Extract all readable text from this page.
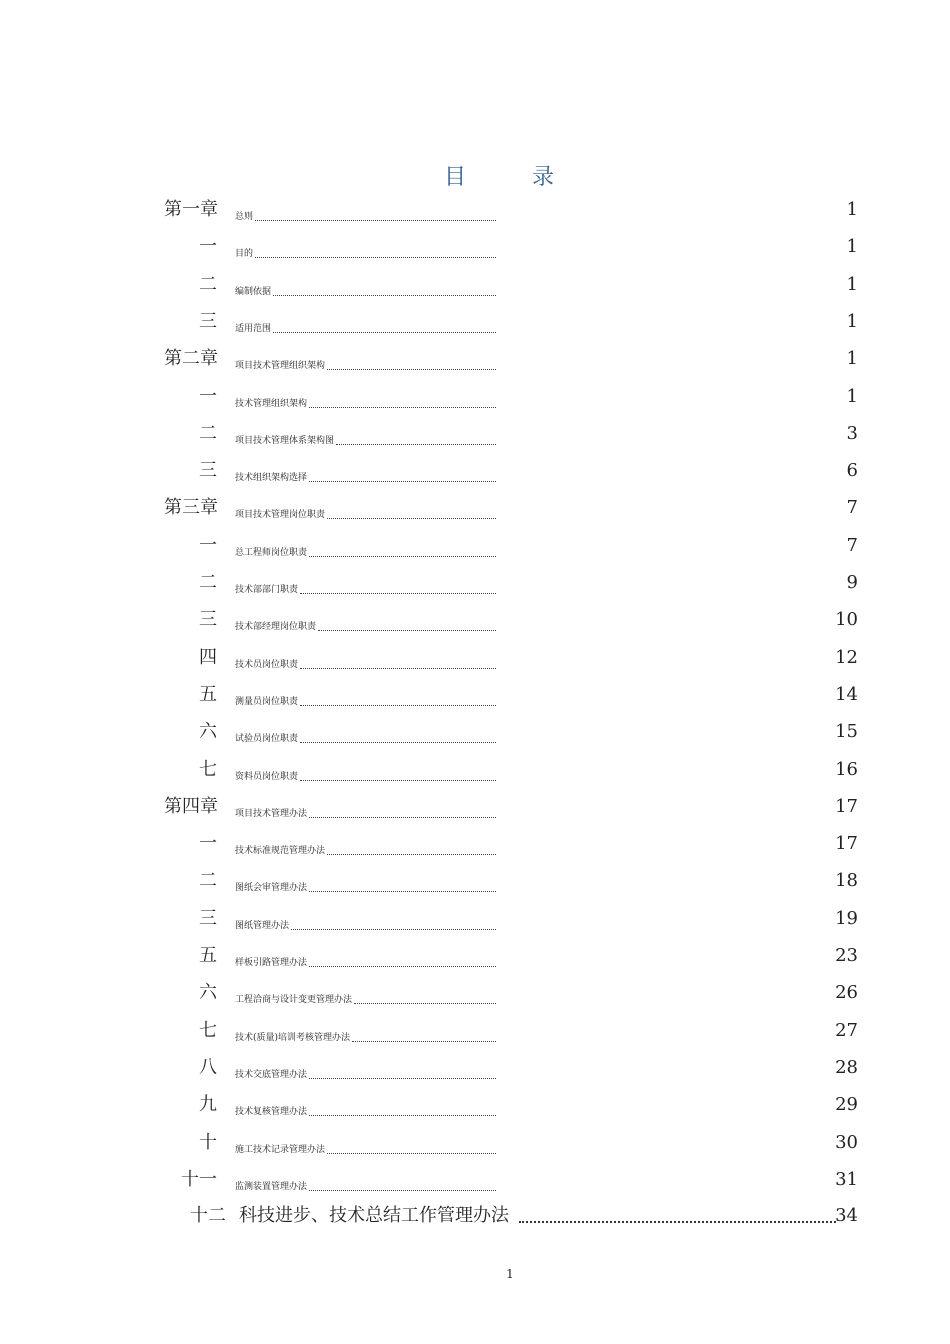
目　录
第一章 总则	1
一 目的	1
二 编制依据	1
三 适用范围	1
第二章 项目技术管理组织架构	1
一 技术管理组织架构	1
二 项目技术管理体系架构图	3
三 技术组织架构选择	6
第三章 项目技术管理岗位职责	7
一 总工程师岗位职责	7
二 技术部部门职责	9
三 技术部经理岗位职责	10
四 技术员岗位职责	12
五 测量员岗位职责	14
六 试验员岗位职责	15
七 资料员岗位职责	16
第四章 项目技术管理办法	17
一 技术标准规范管理办法	17
二 图纸会审管理办法	18
三 图纸管理办法	19
五 样板引路管理办法	23
六 工程洽商与设计变更管理办法	26
七 技术(质量)培训考核管理办法	27
八 技术交底管理办法	28
九 技术复核管理办法	29
十 施工技术记录管理办法	30
十一 监测装置管理办法	31
十二 科技进步、技术总结工作管理办法	34
1
